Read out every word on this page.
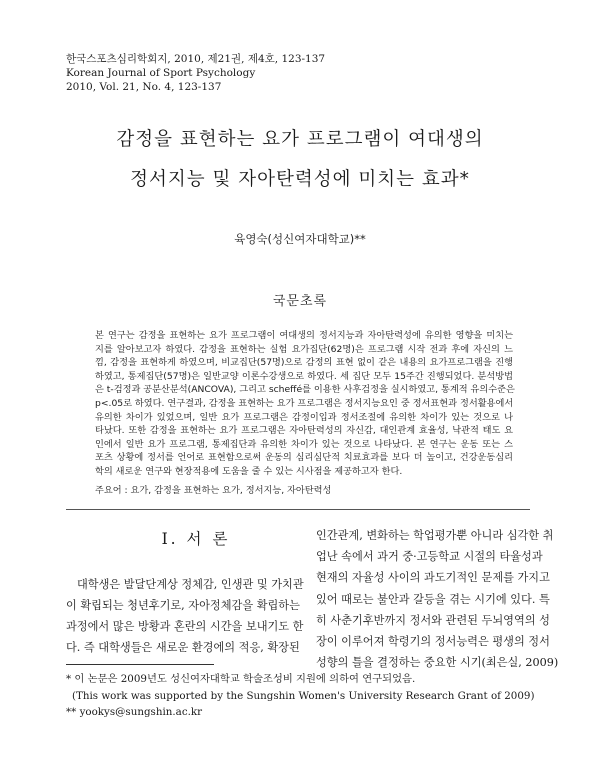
한국스포츠심리학회지, 2010, 제21권, 제4호, 123-137
Korean Journal of Sport Psychology
2010, Vol. 21, No. 4, 123-137
감정을 표현하는 요가 프로그램이 여대생의
정서지능 및 자아탄력성에 미치는 효과*
육영숙(성신여자대학교)**
국문초록
본 연구는 감정을 표현하는 요가 프로그램이 여대생의 정서지능과 자아탄력성에 유의한 영향을 미치는
지를 알아보고자 하였다. 감정을 표현하는 실험 요가집단(62명)은 프로그램 시작 전과 후에 자신의 느
낌, 감정을 표현하게 하였으며, 비교집단(57명)으로 감정의 표현 없이 같은 내용의 요가프로그램을 진행
하였고, 통제집단(57명)은 일반교양 이론수강생으로 하였다. 세 집단 모두 15주간 진행되었다. 분석방법
은 t-검정과 공분산분석(ANCOVA), 그리고 scheffé를 이용한 사후검정을 실시하였고, 통계적 유의수준은
p<.05로 하였다. 연구결과, 감정을 표현하는 요가 프로그램은 정서지능요인 중 정서표현과 정서활용에서
유의한 차이가 있었으며, 일반 요가 프로그램은 감정이입과 정서조절에 유의한 차이가 있는 것으로 나
타났다. 또한 감정을 표현하는 요가 프로그램은 자아탄력성의 자신감, 대인관계 효율성, 낙관적 태도 요
인에서 일반 요가 프로그램, 통제집단과 유의한 차이가 있는 것으로 나타났다. 본 연구는 운동 또는 스
포츠 상황에 정서를 언어로 표현함으로써 운동의 심리심단적 치료효과를 보다 더 높이고, 건강운동심리
학의 새로운 연구와 현장적용에 도움을 줄 수 있는 시사점을 제공하고자 한다.
주요어 : 요가, 감정을 표현하는 요가, 정서지능, 자아탄력성
Ⅰ. 서 론
대학생은 발달단계상 정체감, 인생관 및 가치관
이 확립되는 청년후기로, 자아정체감을 확립하는
과정에서 많은 방황과 혼란의 시간을 보내기도 한
다. 즉 대학생들은 새로운 환경에의 적응, 확장된
인간관계, 변화하는 학업평가뿐 아니라 심각한 취
업난 속에서 과거 중·고등학교 시절의 타율성과
현재의 자율성 사이의 과도기적인 문제를 가지고
있어 때로는 불안과 갈등을 겪는 시기에 있다. 특
히 사춘기후반까지 정서와 관련된 두뇌영역의 성
장이 이루어져 학령기의 정서능력은 평생의 정서
성향의 틀을 결정하는 중요한 시기(최은실, 2009)
* 이 논문은 2009년도 성신여자대학교 학술조성비 지원에 의하여 연구되었음.
(This work was supported by the Sungshin Women's University Research Grant of 2009)
** yookys@sungshin.ac.kr
